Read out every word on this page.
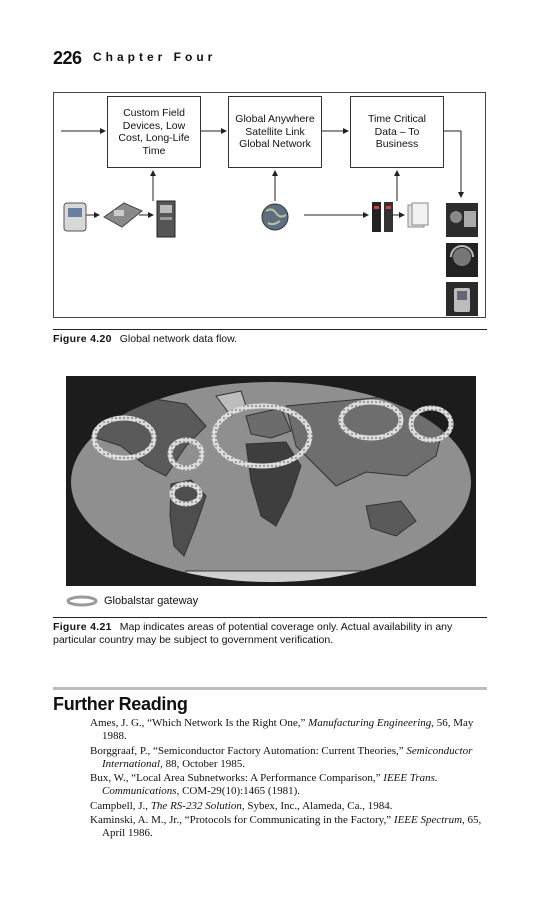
226 Chapter Four
Custom Field
Devices, Low
Cost, Long-Life
Time
Global Anywhere
Satellite Link
Global Network
Time Critical
Data – To
Business
Figure 4.20 Global network data flow.
Globalstar gateway
Figure 4.21 Map indicates areas of potential coverage only. Actual availability in any particular country may be subject to government verification.
Further Reading

Ames, J. G., “Which Network Is the Right One,” Manufacturing Engineering, 56, May 1988.

Borggraaf, P., “Semiconductor Factory Automation: Current Theories,” Semiconductor International, 88, October 1985.

Bux, W., “Local Area Subnetworks: A Performance Comparison,” IEEE Trans. Communications, COM-29(10):1465 (1981).

Campbell, J., The RS-232 Solution, Sybex, Inc., Alameda, Ca., 1984.

Kaminski, A. M., Jr., “Protocols for Communicating in the Factory,” IEEE Spectrum, 65, April 1986.
